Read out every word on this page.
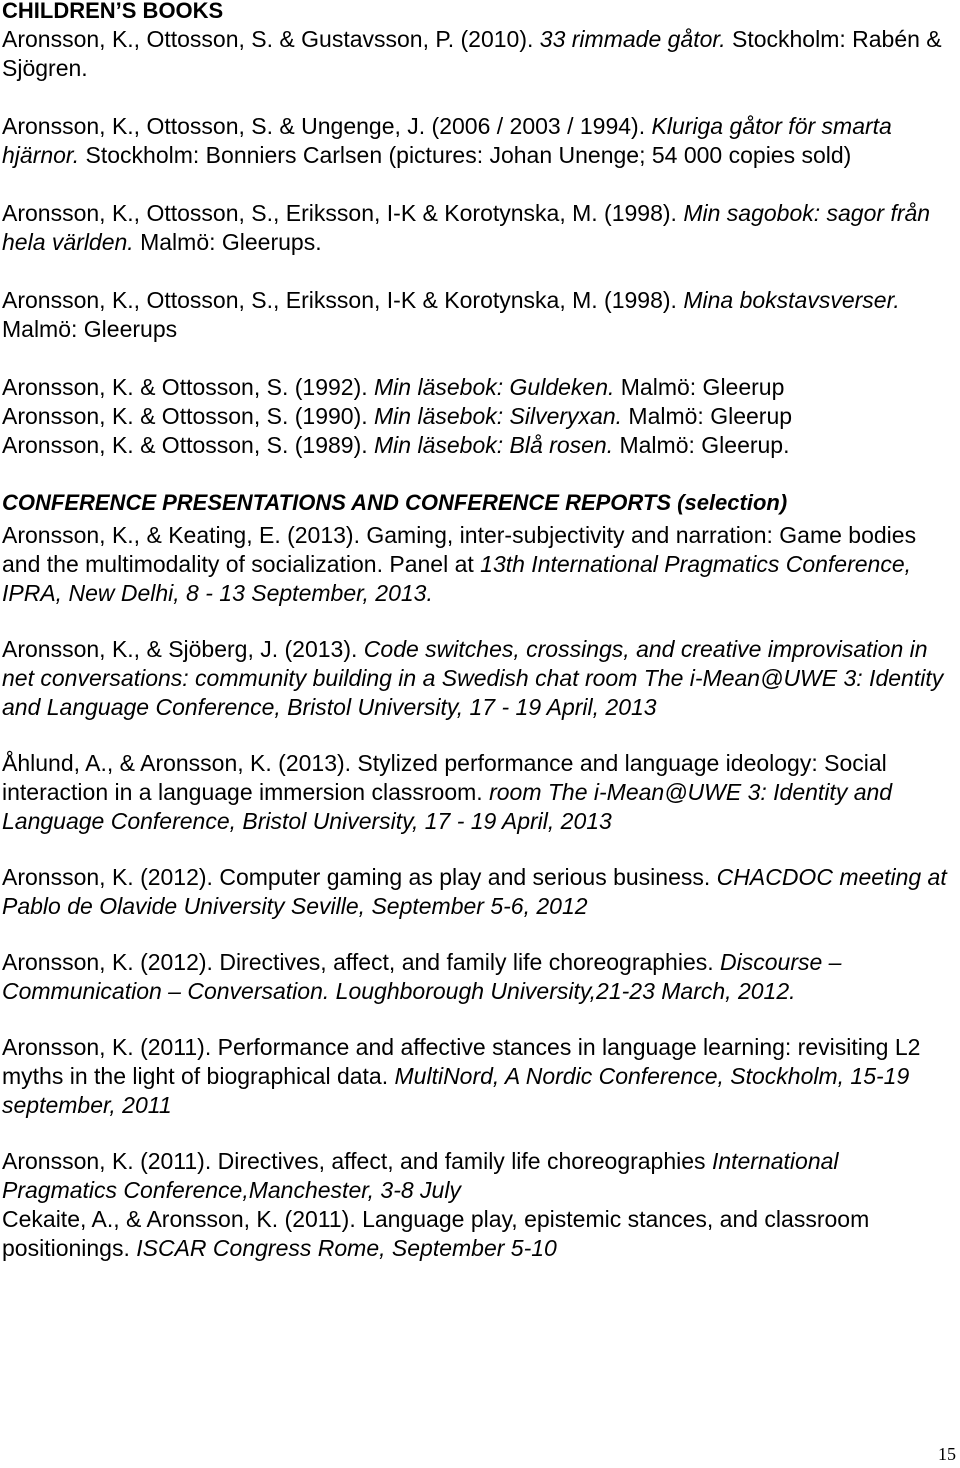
CHILDREN’S BOOKS

Aronsson, K., Ottosson, S. & Gustavsson, P. (2010). 33 rimmade gåtor. Stockholm: Rabén & Sjögren.

Aronsson, K., Ottosson, S. & Ungenge, J. (2006 / 2003 / 1994). Kluriga gåtor för smarta hjärnor. Stockholm: Bonniers Carlsen (pictures: Johan Unenge; 54 000 copies sold)

Aronsson, K., Ottosson, S., Eriksson, I-K & Korotynska, M. (1998). Min sagobok: sagor från hela världen. Malmö: Gleerups.

Aronsson, K., Ottosson, S., Eriksson, I-K & Korotynska, M. (1998). Mina bokstavsverser. Malmö: Gleerups

Aronsson, K. & Ottosson, S. (1992). Min läsebok: Guldeken. Malmö: Gleerup

Aronsson, K. & Ottosson, S. (1990). Min läsebok: Silveryxan. Malmö: Gleerup

Aronsson, K. & Ottosson, S. (1989). Min läsebok: Blå rosen. Malmö: Gleerup.

CONFERENCE PRESENTATIONS AND CONFERENCE REPORTS (selection)

Aronsson, K., & Keating, E. (2013). Gaming, inter-subjectivity and narration: Game bodies and the multimodality of socialization. Panel at 13th International Pragmatics Conference, IPRA, New Delhi, 8 - 13 September, 2013.

Aronsson, K., & Sjöberg, J. (2013). Code switches, crossings, and creative improvisation in net conversations: community building in a Swedish chat room The i-Mean@UWE 3: Identity and Language Conference, Bristol University, 17 - 19 April, 2013

Åhlund, A., & Aronsson, K. (2013). Stylized performance and language ideology: Social interaction in a language immersion classroom. room The i-Mean@UWE 3: Identity and Language Conference, Bristol University, 17 - 19 April, 2013

Aronsson, K. (2012). Computer gaming as play and serious business. CHACDOC meeting at Pablo de Olavide University Seville, September 5-6, 2012

Aronsson, K. (2012). Directives, affect, and family life choreographies. Discourse – Communication – Conversation. Loughborough University,21-23 March, 2012.

Aronsson, K. (2011). Performance and affective stances in language learning: revisiting L2 myths in the light of biographical data. MultiNord, A Nordic Conference, Stockholm, 15-19 september, 2011

Aronsson, K. (2011). Directives, affect, and family life choreographies International Pragmatics Conference,Manchester, 3-8 July

Cekaite, A., & Aronsson, K. (2011). Language play, epistemic stances, and classroom positionings. ISCAR Congress Rome, September 5-10

15
